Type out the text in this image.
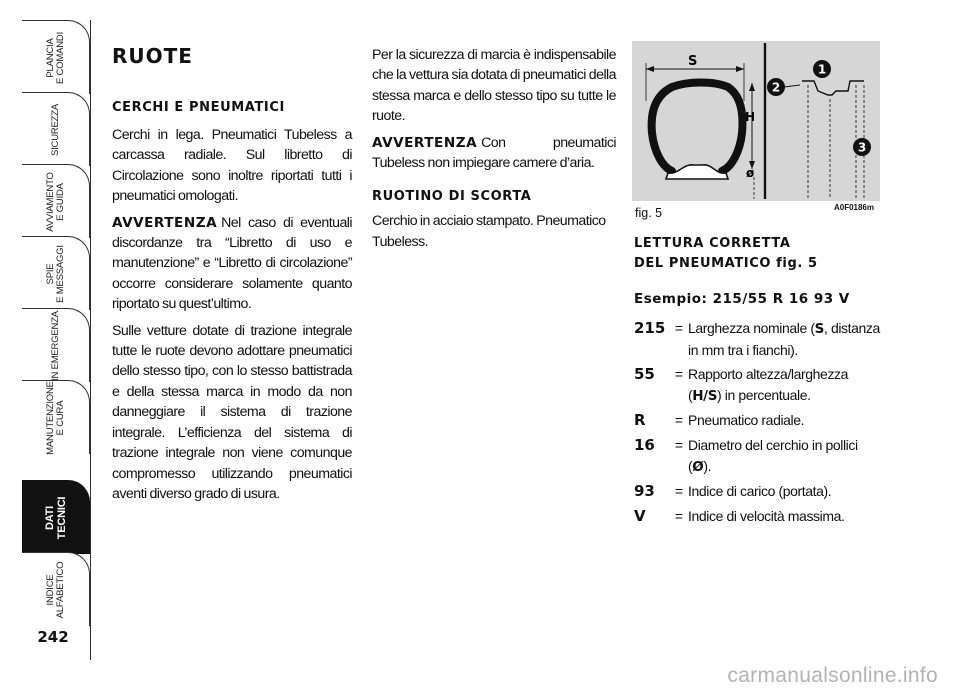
PLANCIA
E COMANDI
SICUREZZA
AVVIAMENTO
E GUIDA
SPIE
E MESSAGGI
IN EMERGENZA
MANUTENZIONE
E CURA
DATI
TECNICI
INDICE
ALFABETICO
242
RUOTE
CERCHI E PNEUMATICI

Cerchi in lega. Pneumatici Tubeless a carcassa radiale. Sul libretto di Circolazione sono inoltre riportati tutti i pneumatici omologati.

AVVERTENZA Nel caso di eventuali discordanze tra “Libretto di uso e manutenzione” e “Libretto di circolazione” occorre considerare solamente quanto riportato su quest’ultimo.

Sulle vetture dotate di trazione integrale tutte le ruote devono adottare pneumatici dello stesso tipo, con lo stesso battistrada e della stessa marca in modo da non danneggiare il sistema di trazione integrale. L’efficienza del sistema di trazione integrale non viene comunque compromesso utilizzando pneumatici aventi diverso grado di usura.

Per la sicurezza di marcia è indispensabile che la vettura sia dotata di pneumatici della stessa marca e dello stesso tipo su tutte le ruote.

AVVERTENZA Con pneumatici Tubeless non impiegare camere d’aria.

RUOTINO DI SCORTA

Cerchio in acciaio stampato. Pneumatico Tubeless.

S
H
ø
1
2
3
fig. 5	A0F0186m
LETTURA CORRETTA
DEL PNEUMATICO fig. 5
Esempio: 215/55 R 16 93 V
215 = Larghezza nominale (S, distanza in mm tra i fianchi).
55	= Rapporto altezza/larghezza (H/S) in percentuale.
R	= Pneumatico radiale.
16	= Diametro del cerchio in pollici (Ø).
93	= Indice di carico (portata).
V	= Indice di velocità massima.
carmanualsonline.info
